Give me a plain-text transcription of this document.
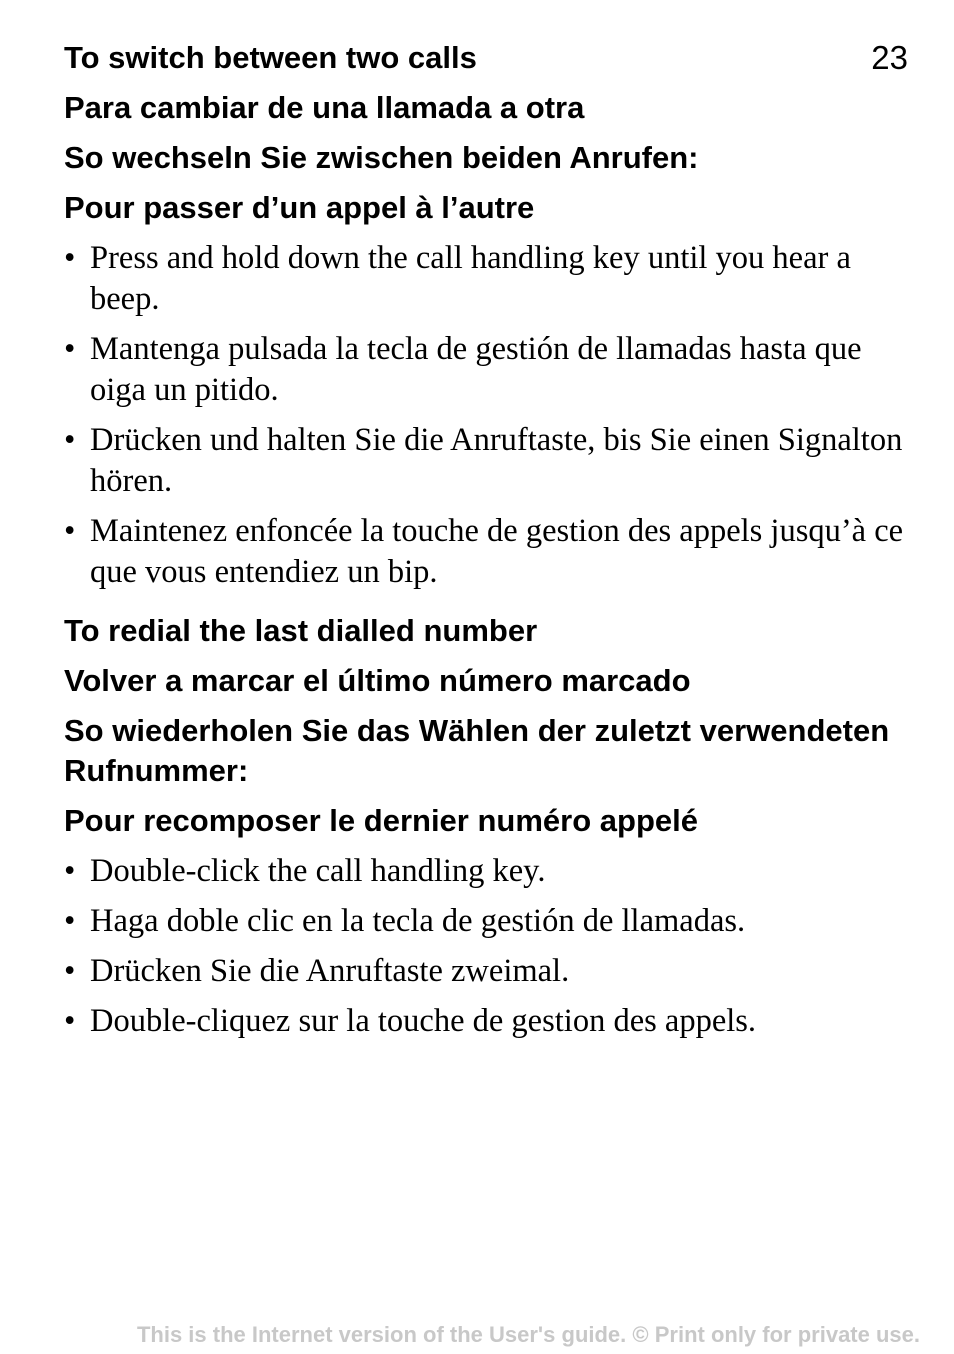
23
To switch between two calls
Para cambiar de una llamada a otra
So wechseln Sie zwischen beiden Anrufen:
Pour passer d’un appel à l’autre
• Press and hold down the call handling key until you hear a beep.
• Mantenga pulsada la tecla de gestión de llamadas hasta que oiga un pitido.
• Drücken und halten Sie die Anruftaste, bis Sie einen Signalton hören.
• Maintenez enfoncée la touche de gestion des appels jusqu’à ce que vous entendiez un bip.
To redial the last dialled number
Volver a marcar el último número marcado
So wiederholen Sie das Wählen der zuletzt verwendeten Rufnummer:
Pour recomposer le dernier numéro appelé
• Double-click the call handling key.
• Haga doble clic en la tecla de gestión de llamadas.
• Drücken Sie die Anruftaste zweimal.
• Double-cliquez sur la touche de gestion des appels.
This is the Internet version of the User's guide. © Print only for private use.
